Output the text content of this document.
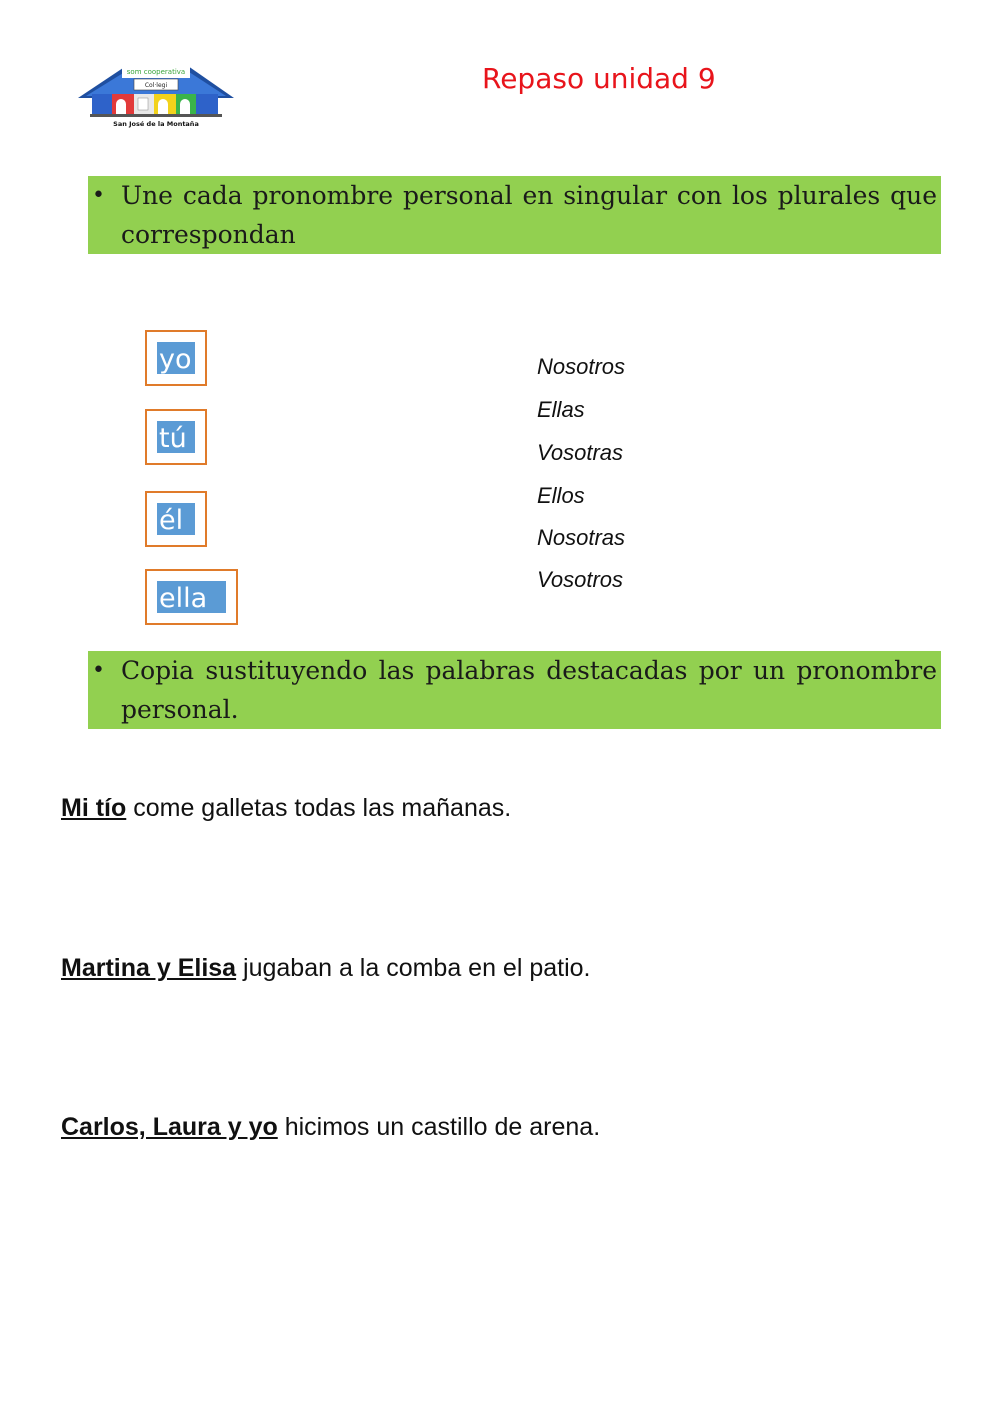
som cooperativa
Col·legi
San José de la Montaña
Repaso unidad 9
• Une cada pronombre personal en singular con los plurales que correspondan
yo
tú
él
ella
Nosotros
Ellas
Vosotras
Ellos
Nosotras
Vosotros
• Copia sustituyendo las palabras destacadas por un pronombre personal.
Mi tío come galletas todas las mañanas.
Martina y Elisa jugaban a la comba en el patio.
Carlos, Laura y yo hicimos un castillo de arena.
